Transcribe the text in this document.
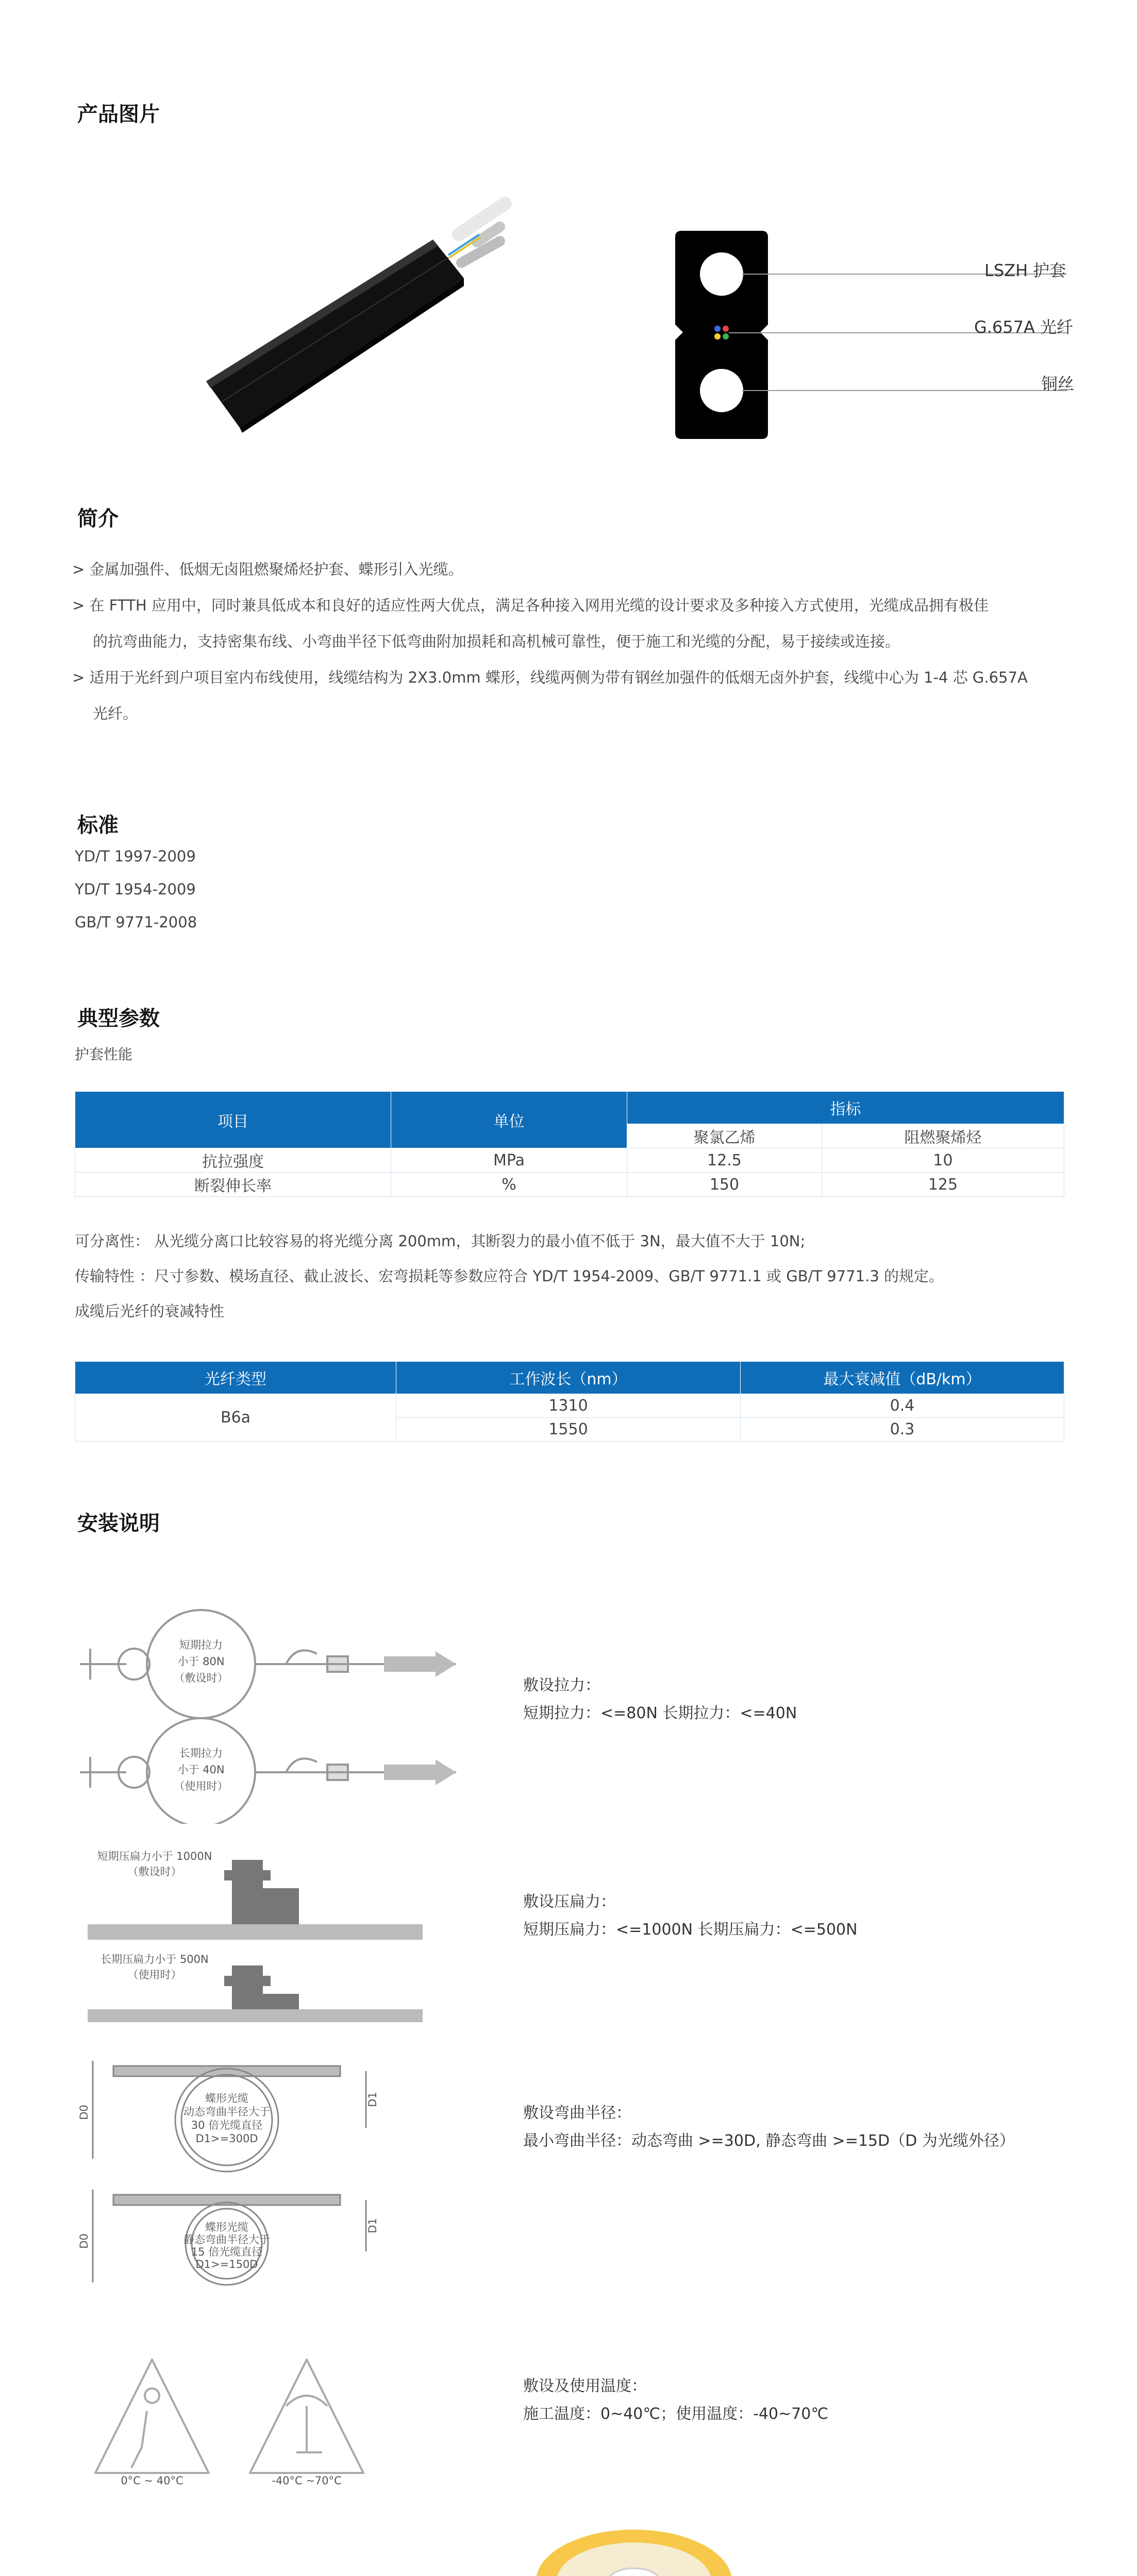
产品图片
LSZH 护套
G.657A 光纤
铜丝
简介
> 金属加强件、低烟无卤阻燃聚烯烃护套、蝶形引入光缆。
> 在 FTTH 应用中，同时兼具低成本和良好的适应性两大优点，满足各种接入网用光缆的设计要求及多种接入方式使用，光缆成品拥有极佳
的抗弯曲能力，支持密集布线、小弯曲半径下低弯曲附加损耗和高机械可靠性，便于施工和光缆的分配，易于接续或连接。
> 适用于光纤到户项目室内布线使用，线缆结构为 2X3.0mm 蝶形，线缆两侧为带有钢丝加强件的低烟无卤外护套，线缆中心为 1-4 芯 G.657A
光纤。
标准
YD/T 1997-2009
YD/T 1954-2009
GB/T 9771-2008
典型参数
护套性能
项目	单位	指标	
		聚氯乙烯	阻燃聚烯烃
抗拉强度	MPa	12.5	10
断裂伸长率	%	150	125
可分离性： 从光缆分离口比较容易的将光缆分离 200mm，其断裂力的最小值不低于 3N，最大值不大于 10N;
传输特性 ：尺寸参数、模场直径、截止波长、宏弯损耗等参数应符合 YD/T 1954-2009、GB/T 9771.1 或 GB/T 9771.3 的规定。
成缆后光纤的衰减特性
光纤类型	工作波长（nm）	最大衰减值（dB/km）
B6a	1310	0.4
	1550	0.3
安装说明
短期拉力
小于 80N
（敷设时）
长期拉力
小于 40N
（使用时）
敷设拉力：
短期拉力：<=80N 长期拉力：<=40N
短期压扁力小于 1000N
（敷设时）
长期压扁力小于 500N
（使用时）
敷设压扁力：
短期压扁力：<=1000N 长期压扁力：<=500N
D0
D1
蝶形光缆
动态弯曲半径大于
30 倍光缆直径
D1>=300D
蝶形光缆
静态弯曲半径大于
15 倍光缆直径
D1>=150D
D0
D1
敷设弯曲半径：
最小弯曲半径：动态弯曲 >=30D, 静态弯曲 >=15D（D 为光缆外径）
0°C ~ 40°C	-40°C ~70°C
敷设及使用温度：
施工温度：0~40℃；使用温度：-40~70℃
